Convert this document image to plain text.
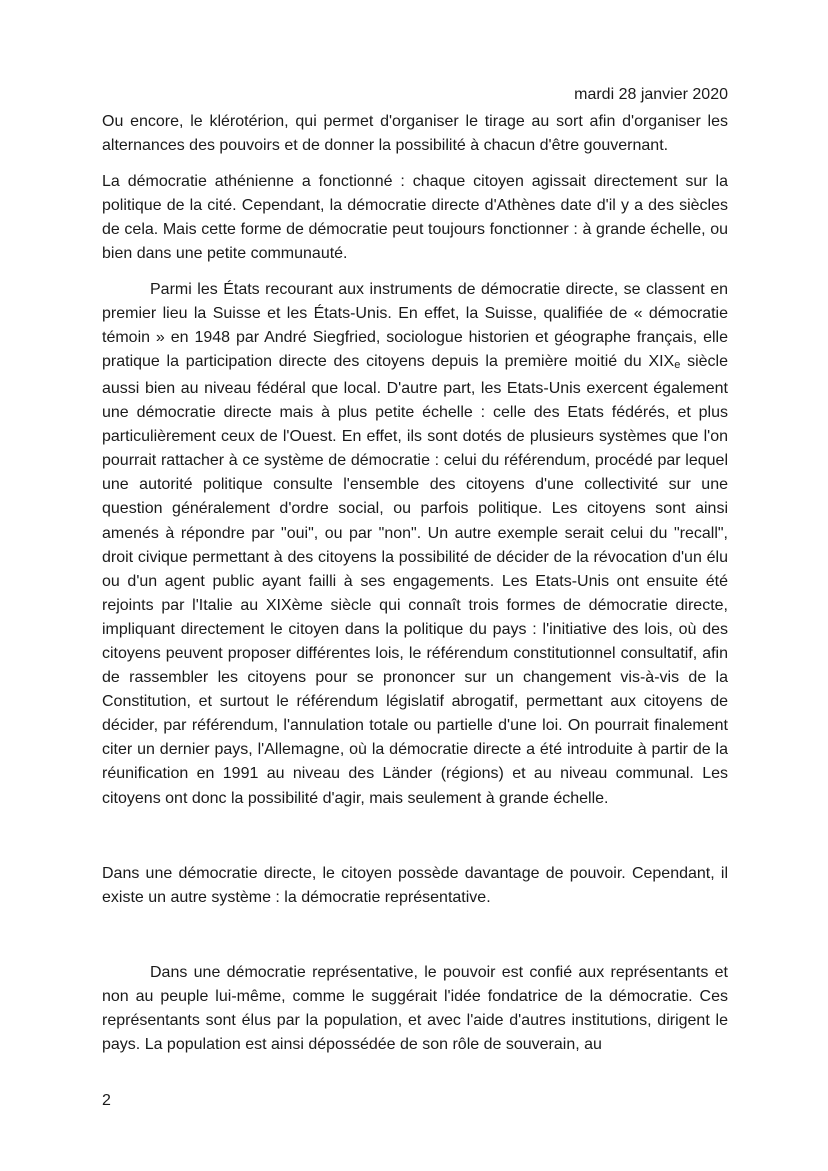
mardi 28 janvier 2020

Ou encore, le klérotérion, qui permet d'organiser le tirage au sort afin d'organiser les alternances des pouvoirs et de donner la possibilité à chacun d'être gouvernant.

La démocratie athénienne a fonctionné : chaque citoyen agissait directement sur la politique de la cité. Cependant, la démocratie directe d'Athènes date d'il y a des siècles de cela. Mais cette forme de démocratie peut toujours fonctionner : à grande échelle, ou bien dans une petite communauté.

Parmi les États recourant aux instruments de démocratie directe, se classent en premier lieu la Suisse et les États-Unis. En effet, la Suisse, qualifiée de « démocratie témoin » en 1948 par André Siegfried, sociologue historien et géographe français, elle pratique la participation directe des citoyens depuis la première moitié du $XIX_e$ siècle aussi bien au niveau fédéral que local. D'autre part, les Etats-Unis exercent également une démocratie directe mais à plus petite échelle : celle des Etats fédérés, et plus particulièrement ceux de l'Ouest. En effet, ils sont dotés de plusieurs systèmes que l'on pourrait rattacher à ce système de démocratie : celui du référendum, procédé par lequel une autorité politique consulte l'ensemble des citoyens d'une collectivité sur une question généralement d'ordre social, ou parfois politique. Les citoyens sont ainsi amenés à répondre par "oui", ou par "non". Un autre exemple serait celui du "recall", droit civique permettant à des citoyens la possibilité de décider de la révocation d'un élu ou d'un agent public ayant failli à ses engagements. Les Etats-Unis ont ensuite été rejoints par l'Italie au XIXème siècle qui connaît trois formes de démocratie directe, impliquant directement le citoyen dans la politique du pays : l'initiative des lois, où des citoyens peuvent proposer différentes lois, le référendum constitutionnel consultatif, afin de rassembler les citoyens pour se prononcer sur un changement vis-à-vis de la Constitution, et surtout le référendum législatif abrogatif, permettant aux citoyens de décider, par référendum, l'annulation totale ou partielle d'une loi. On pourrait finalement citer un dernier pays, l'Allemagne, où la démocratie directe a été introduite à partir de la réunification en 1991 au niveau des Länder (régions) et au niveau communal. Les citoyens ont donc la possibilité d'agir, mais seulement à grande échelle.

Dans une démocratie directe, le citoyen possède davantage de pouvoir. Cependant, il existe un autre système : la démocratie représentative.

Dans une démocratie représentative, le pouvoir est confié aux représentants et non au peuple lui-même, comme le suggérait l'idée fondatrice de la démocratie. Ces représentants sont élus par la population, et avec l'aide d'autres institutions, dirigent le pays. La population est ainsi dépossédée de son rôle de souverain, au

2
